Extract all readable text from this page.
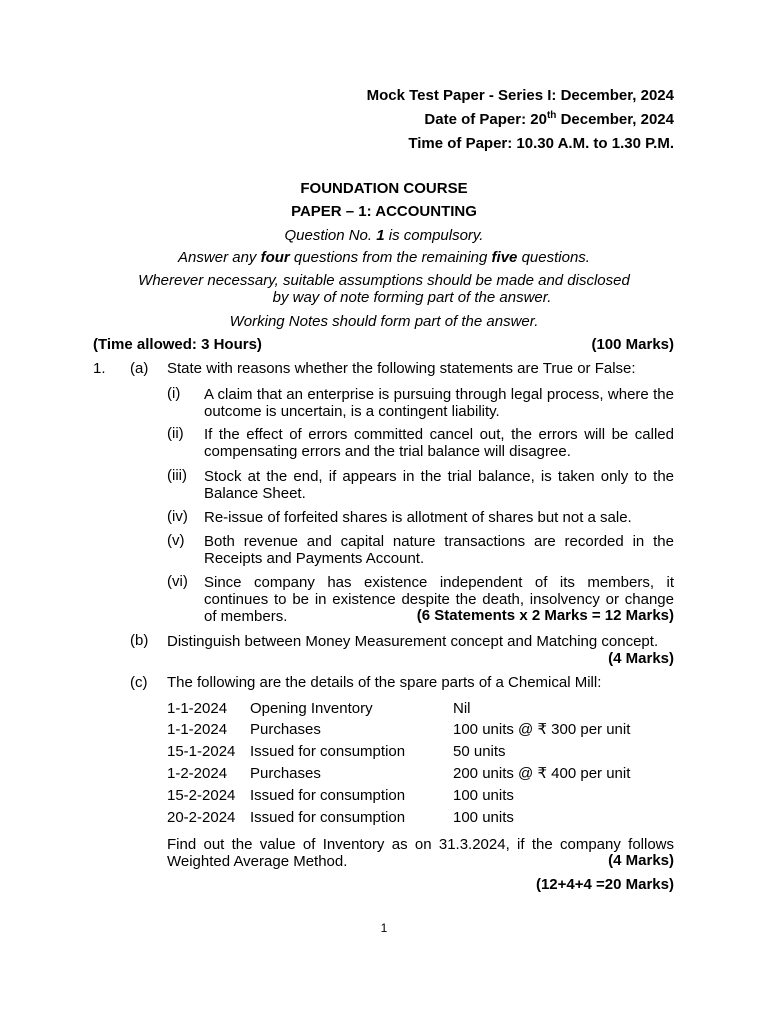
Mock Test Paper - Series I: December, 2024
Date of Paper: 20th December, 2024
Time of Paper: 10.30 A.M. to 1.30 P.M.
FOUNDATION COURSE
PAPER – 1: ACCOUNTING
Question No. 1 is compulsory.
Answer any four questions from the remaining five questions.
Wherever necessary, suitable assumptions should be made and disclosed
by way of note forming part of the answer.
Working Notes should form part of the answer.
(Time allowed: 3 Hours)	(100 Marks)
1. (a) State with reasons whether the following statements are True or False:
(i) A claim that an enterprise is pursuing through legal process, where the outcome is uncertain, is a contingent liability.
(ii) If the effect of errors committed cancel out, the errors will be called compensating errors and the trial balance will disagree.
(iii) Stock at the end, if appears in the trial balance, is taken only to the Balance Sheet.
(iv) Re-issue of forfeited shares is allotment of shares but not a sale.
(v) Both revenue and capital nature transactions are recorded in the Receipts and Payments Account.
(vi) Since company has existence independent of its members, it continues to be in existence despite the death, insolvency or change of members.	(6 Statements x 2 Marks = 12 Marks)
(b) Distinguish between Money Measurement concept and Matching concept.
(4 Marks)
(c) The following are the details of the spare parts of a Chemical Mill:
1-1-2024 Opening Inventory	Nil
1-1-2024 Purchases	100 units @ ₹ 300 per unit
15-1-2024 Issued for consumption	50 units
1-2-2024 Purchases	200 units @ ₹ 400 per unit
15-2-2024 Issued for consumption	100 units
20-2-2024 Issued for consumption	100 units
Find out the value of Inventory as on 31.3.2024, if the company follows Weighted Average Method.	(4 Marks)
(12+4+4 =20 Marks)
1
